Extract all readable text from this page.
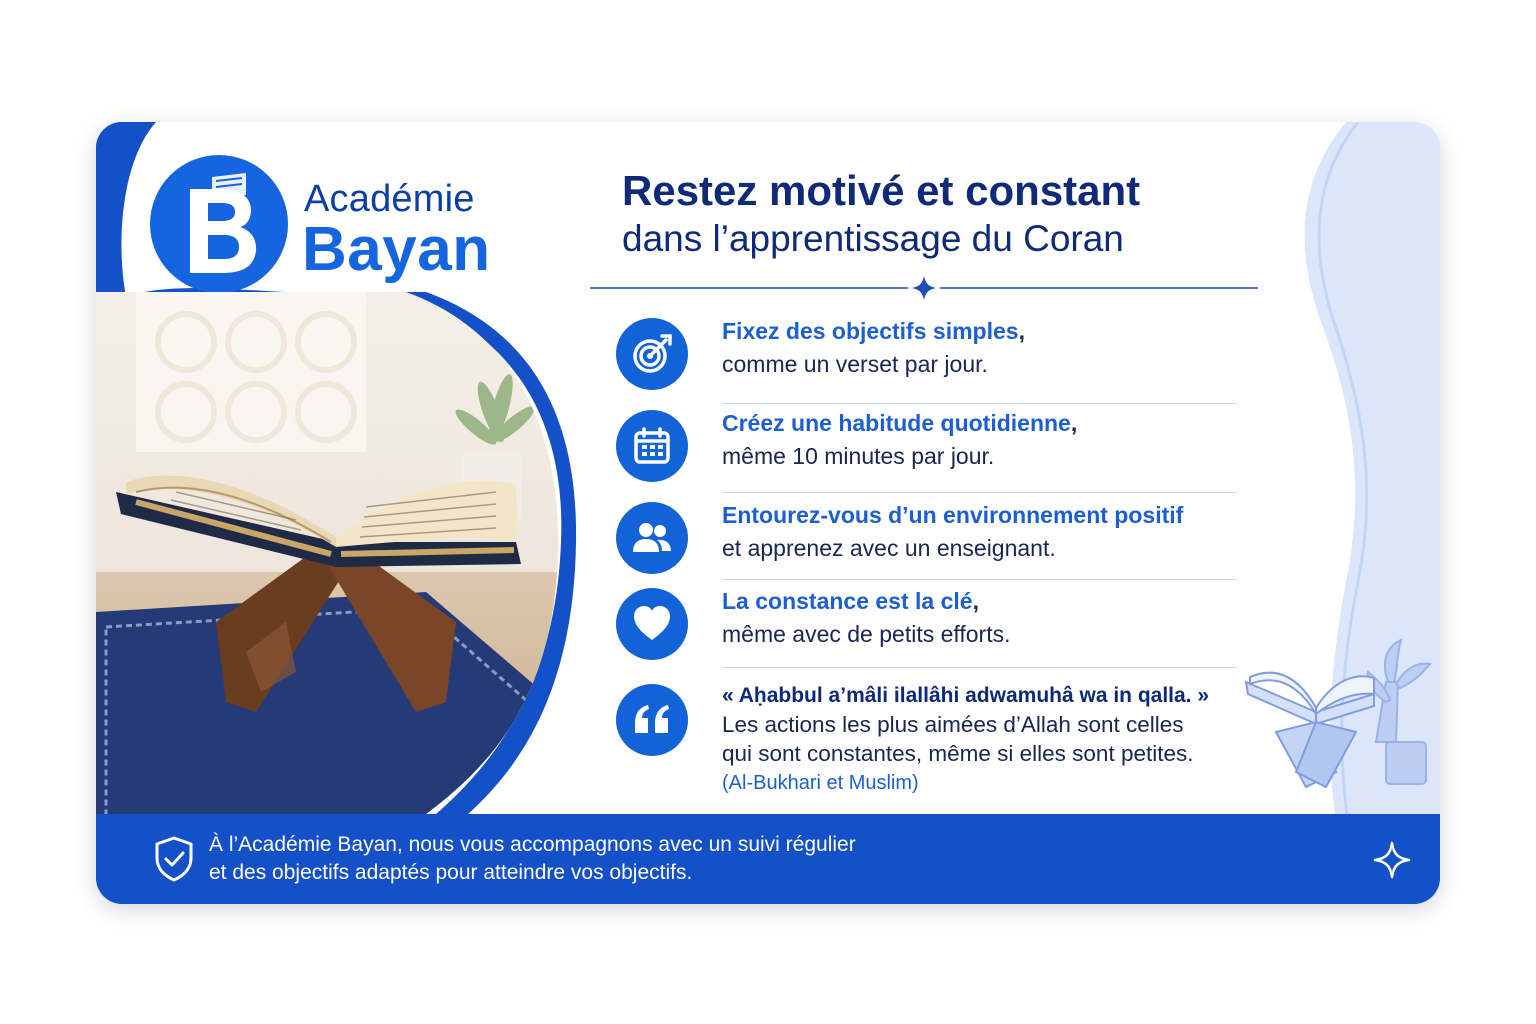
Académie
Bayan
Restez motivé et constant
dans l’apprentissage du Coran
Fixez des objectifs simples,
comme un verset par jour.
Créez une habitude quotidienne,
même 10 minutes par jour.
Entourez-vous d’un environnement positif
et apprenez avec un enseignant.
La constance est la clé,
même avec de petits efforts.
« Aḥabbul a’mâli ilallâhi adwamuhâ wa in qalla. »
Les actions les plus aimées d’Allah sont celles
qui sont constantes, même si elles sont petites.
(Al-Bukhari et Muslim)
À l’Académie Bayan, nous vous accompagnons avec un suivi régulier
et des objectifs adaptés pour atteindre vos objectifs.
